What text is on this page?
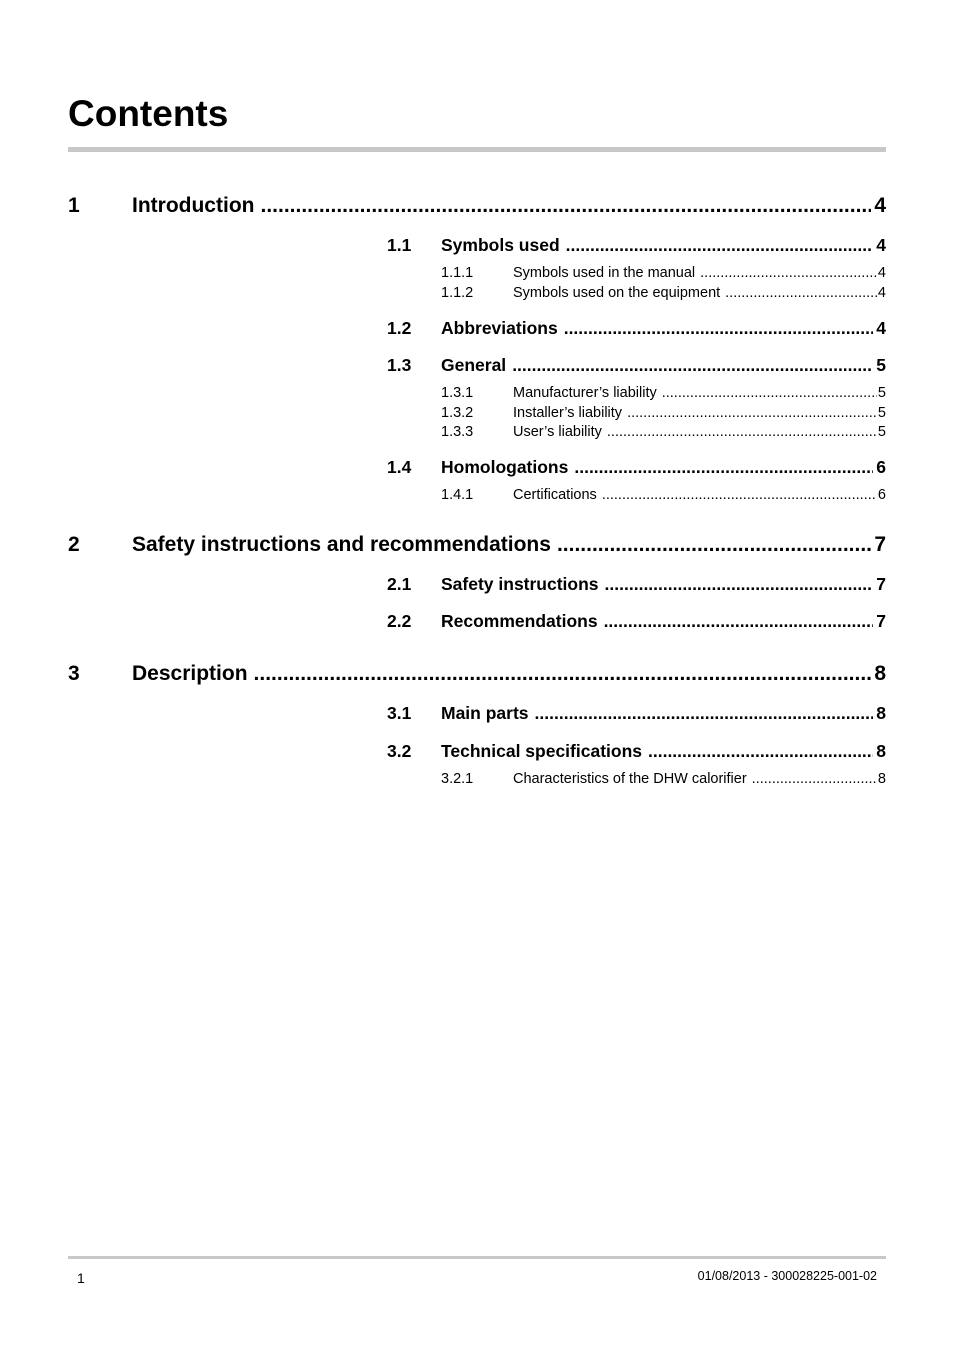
Contents
1	Introduction .....	4
1.1	Symbols used .....	4
1.1.1	Symbols used in the manual .....	4
1.1.2	Symbols used on the equipment .....	4
1.2	Abbreviations .....	4
1.3	General .....	5
1.3.1	Manufacturer’s liability .....	5
1.3.2	Installer’s liability .....	5
1.3.3	User’s liability .....	5
1.4	Homologations .....	6
1.4.1	Certifications .....	6
2	Safety instructions and recommendations .....	7
2.1	Safety instructions .....	7
2.2	Recommendations .....	7
3	Description .....	8
3.1	Main parts .....	8
3.2	Technical specifications .....	8
3.2.1	Characteristics of the DHW calorifier .....	8
1	01/08/2013 - 300028225-001-02
